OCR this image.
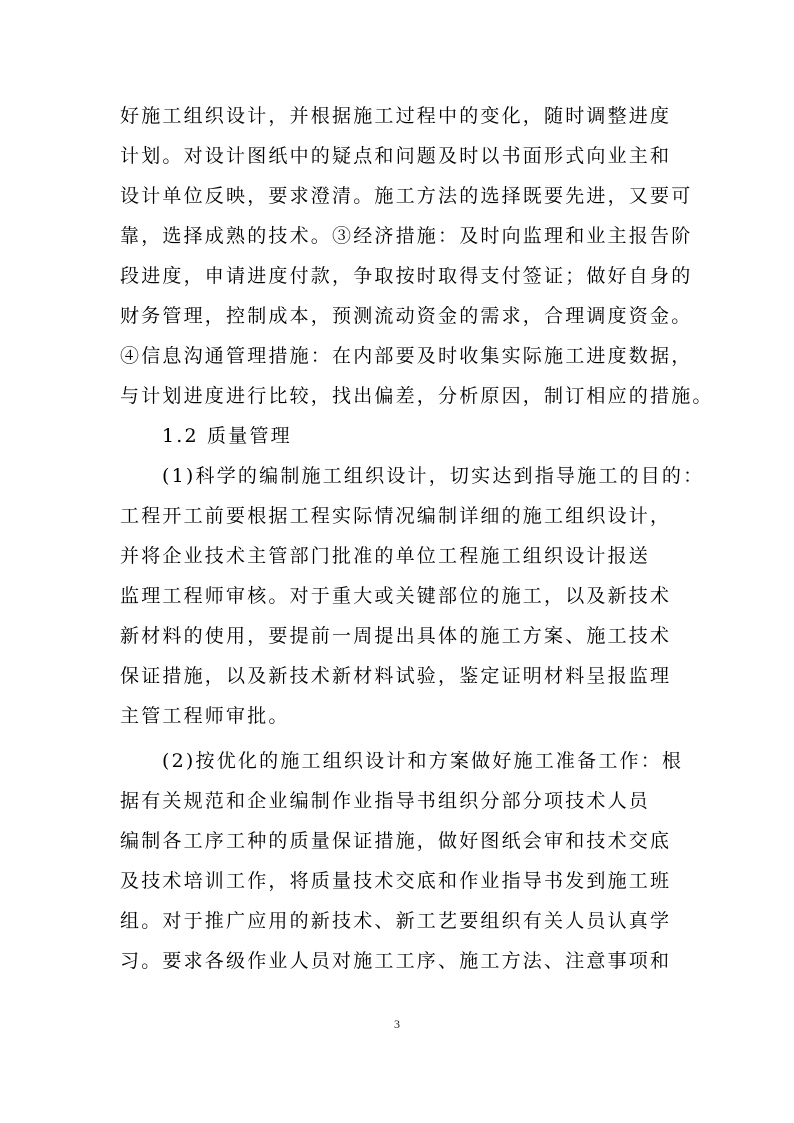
好施工组织设计，并根据施工过程中的变化，随时调整进度
计划。对设计图纸中的疑点和问题及时以书面形式向业主和
设计单位反映，要求澄清。施工方法的选择既要先进，又要可
靠，选择成熟的技术。③经济措施：及时向监理和业主报告阶
段进度，申请进度付款，争取按时取得支付签证；做好自身的
财务管理，控制成本，预测流动资金的需求，合理调度资金。
④信息沟通管理措施：在内部要及时收集实际施工进度数据，
与计划进度进行比较，找出偏差，分析原因，制订相应的措施。
1.2 质量管理
(1)科学的编制施工组织设计，切实达到指导施工的目的：
工程开工前要根据工程实际情况编制详细的施工组织设计，
并将企业技术主管部门批准的单位工程施工组织设计报送
监理工程师审核。对于重大或关键部位的施工，以及新技术
新材料的使用，要提前一周提出具体的施工方案、施工技术
保证措施，以及新技术新材料试验，鉴定证明材料呈报监理
主管工程师审批。
(2)按优化的施工组织设计和方案做好施工准备工作：根
据有关规范和企业编制作业指导书组织分部分项技术人员
编制各工序工种的质量保证措施，做好图纸会审和技术交底
及技术培训工作，将质量技术交底和作业指导书发到施工班
组。对于推广应用的新技术、新工艺要组织有关人员认真学
习。要求各级作业人员对施工工序、施工方法、注意事项和
3
